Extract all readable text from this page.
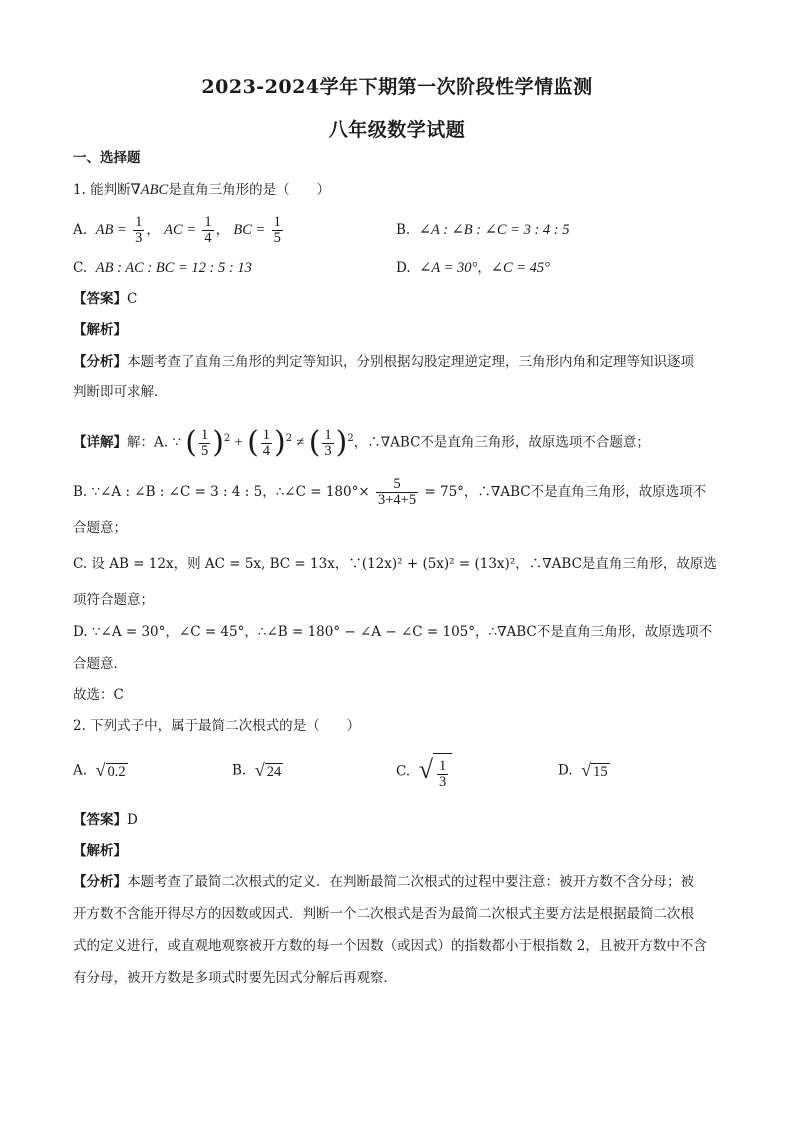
2023-2024学年下期第一次阶段性学情监测
八年级数学试题
一、选择题
1. 能判断∇ABC是直角三角形的是（　　）
A. AB = $\frac{1}{3}$ ， AC = $\frac{1}{4}$ ， BC = $\frac{1}{5}$	B. ∠A : ∠B : ∠C = 3 : 4 : 5
C. AB : AC : BC = 12 : 5 : 13	D. ∠A = 30°，∠C = 45°
【答案】C
【解析】
【分析】本题考查了直角三角形的判定等知识，分别根据勾股定理逆定理，三角形内角和定理等知识逐项
判断即可求解．
【详解】解：A. ∵ ( $\frac{1}{5} )^2$ + ( $\frac{1}{4} )^2$ ≠ ( $\frac{1}{3} )^2$，∴∇ABC不是直角三角形，故原选项不合题意；
B. ∵∠A : ∠B : ∠C = 3 : 4 : 5，∴∠C = $180^\circ\times \frac{5}{3+4+5} = 75^\circ$，∴∇ABC不是直角三角形，故原选项不
合题意；
C. 设 AB = 12x，则 AC = 5x, BC = 13x，∵(12x)² + (5x)² = (13x)²，∴∇ABC是直角三角形，故原选
项符合题意；
D. ∵∠A = 30°，∠C = 45°，∴∠B = 180° − ∠A − ∠C = 105°，∴∇ABC不是直角三角形，故原选项不
合题意．
故选：C
2. 下列式子中，属于最简二次根式的是（　　）
A. √ 0.2	B. √ 24	C. √ $\frac{1}{3}$	D. √ 15
【答案】D
【解析】
【分析】本题考查了最简二次根式的定义．在判断最简二次根式的过程中要注意：被开方数不含分母；被
开方数不含能开得尽方的因数或因式．判断一个二次根式是否为最简二次根式主要方法是根据最简二次根
式的定义进行，或直观地观察被开方数的每一个因数（或因式）的指数都小于根指数 2，且被开方数中不含
有分母，被开方数是多项式时要先因式分解后再观察．
